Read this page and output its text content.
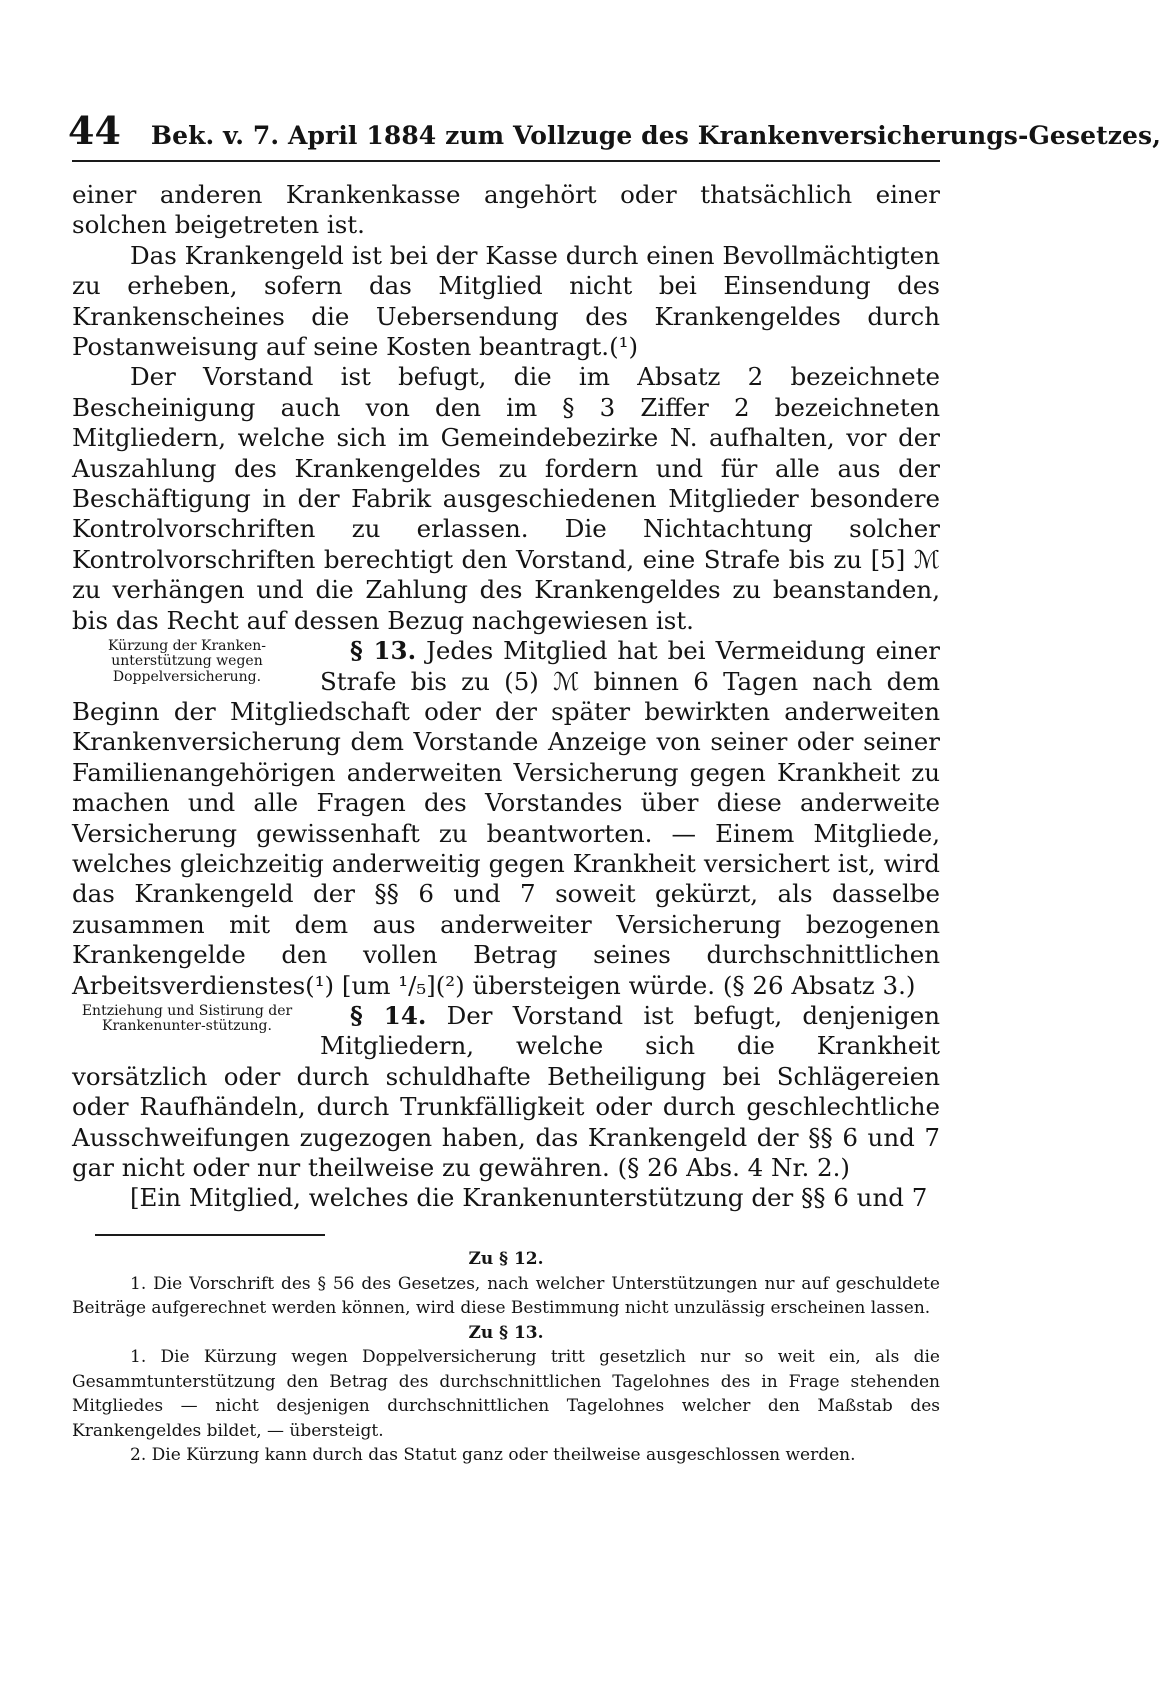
44 Bek. v. 7. April 1884 zum Vollzuge des Krankenversicherungs-Gesetzes,

einer anderen Krankenkasse angehört oder thatsächlich einer solchen beigetreten ist.

Das Krankengeld ist bei der Kasse durch einen Bevollmächtigten zu erheben, sofern das Mitglied nicht bei Einsendung des Krankenscheines die Uebersendung des Krankengeldes durch Postanweisung auf seine Kosten beantragt.(¹)

Der Vorstand ist befugt, die im Absatz 2 bezeichnete Bescheinigung auch von den im § 3 Ziffer 2 bezeichneten Mitgliedern, welche sich im Gemeindebezirke N. aufhalten, vor der Auszahlung des Krankengeldes zu fordern und für alle aus der Beschäftigung in der Fabrik ausgeschiedenen Mitglieder besondere Kontrolvorschriften zu erlassen. Die Nichtachtung solcher Kontrolvorschriften berechtigt den Vorstand, eine Strafe bis zu [5] ℳ zu verhängen und die Zahlung des Krankengeldes zu beanstanden, bis das Recht auf dessen Bezug nachgewiesen ist.

Kürzung der Kranken-unterstützung wegen Doppelversicherung.

§ 13. Jedes Mitglied hat bei Vermeidung einer Strafe bis zu (5) ℳ binnen 6 Tagen nach dem Beginn der Mitgliedschaft oder der später bewirkten anderweiten Krankenversicherung dem Vorstande Anzeige von seiner oder seiner Familienangehörigen anderweiten Versicherung gegen Krankheit zu machen und alle Fragen des Vorstandes über diese anderweite Versicherung gewissenhaft zu beantworten. — Einem Mitgliede, welches gleichzeitig anderweitig gegen Krankheit versichert ist, wird das Krankengeld der §§ 6 und 7 soweit gekürzt, als dasselbe zusammen mit dem aus anderweiter Versicherung bezogenen Krankengelde den vollen Betrag seines durchschnittlichen Arbeitsverdienstes(¹) [um ¹/₅](²) übersteigen würde. (§ 26 Absatz 3.)

Entziehung und Sistirung der Krankenunter-stützung.	§ 14. Der Vorstand ist befugt, denjenigen Mitgliedern, welche sich die Krankheit vorsätzlich oder durch schuldhafte Betheiligung bei Schlägereien oder Raufhändeln, durch Trunkfälligkeit oder durch geschlechtliche Ausschweifungen zugezogen haben, das Krankengeld der §§ 6 und 7 gar nicht oder nur theilweise zu gewähren. (§ 26 Abs. 4 Nr. 2.)

[Ein Mitglied, welches die Krankenunterstützung der §§ 6 und 7

Zu § 12.

1. Die Vorschrift des § 56 des Gesetzes, nach welcher Unterstützungen nur auf geschuldete Beiträge aufgerechnet werden können, wird diese Bestimmung nicht unzulässig erscheinen lassen.

Zu § 13.

1. Die Kürzung wegen Doppelversicherung tritt gesetzlich nur so weit ein, als die Gesammtunterstützung den Betrag des durchschnittlichen Tagelohnes des in Frage stehenden Mitgliedes — nicht desjenigen durchschnittlichen Tagelohnes welcher den Maßstab des Krankengeldes bildet, — übersteigt.

2. Die Kürzung kann durch das Statut ganz oder theilweise ausgeschlossen werden.
